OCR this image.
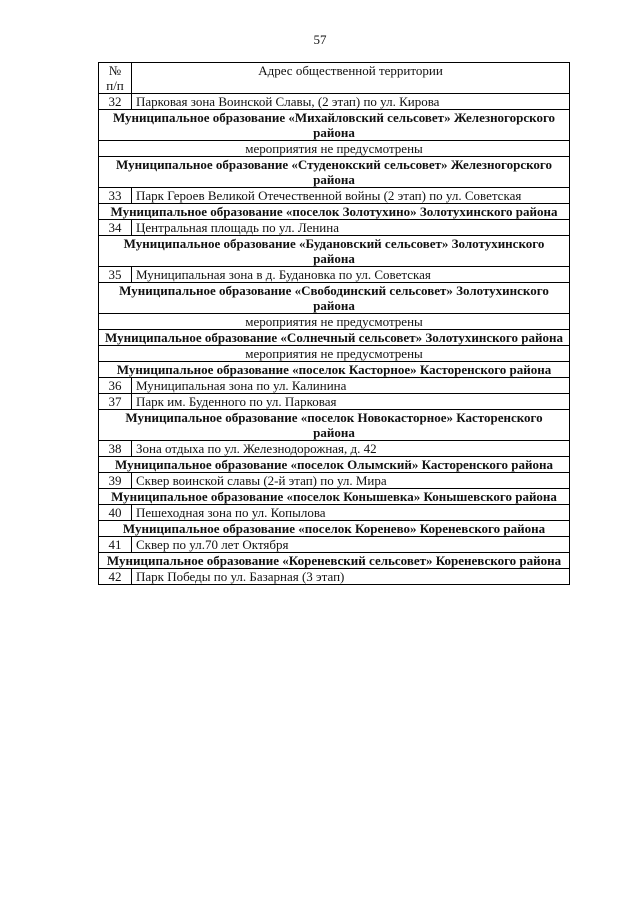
57
№ п/п	Адрес общественной территории
32	Парковая зона Воинской Славы, (2 этап) по ул. Кирова
Муниципальное образование «Михайловский сельсовет» Железногорского района	
мероприятия не предусмотрены	
Муниципальное образование «Студенокский сельсовет» Железногорского района	
33	Парк Героев Великой Отечественной войны (2 этап) по ул. Советская
Муниципальное образование «поселок Золотухино» Золотухинского района	
34	Центральная площадь по ул. Ленина
Муниципальное образование «Будановский сельсовет» Золотухинского района	
35	Муниципальная зона в д. Будановка по ул. Советская
Муниципальное образование «Свободинский сельсовет» Золотухинского района	
мероприятия не предусмотрены	
Муниципальное образование «Солнечный сельсовет» Золотухинского района	
мероприятия не предусмотрены	
Муниципальное образование «поселок Касторное» Касторенского района	
36	Муниципальная зона по ул. Калинина
37	Парк им. Буденного по ул. Парковая
Муниципальное образование «поселок Новокасторное» Касторенского района	
38	Зона отдыха по ул. Железнодорожная, д. 42
Муниципальное образование «поселок Олымский» Касторенского района	
39	Сквер воинской славы (2-й этап) по ул. Мира
Муниципальное образование «поселок Конышевка» Конышевского района	
40	Пешеходная зона по ул. Копылова
Муниципальное образование «поселок Коренево» Кореневского района	
41	Сквер по ул.70 лет Октября
Муниципальное образование «Кореневский сельсовет» Кореневского района	
42	Парк Победы по ул. Базарная (3 этап)
